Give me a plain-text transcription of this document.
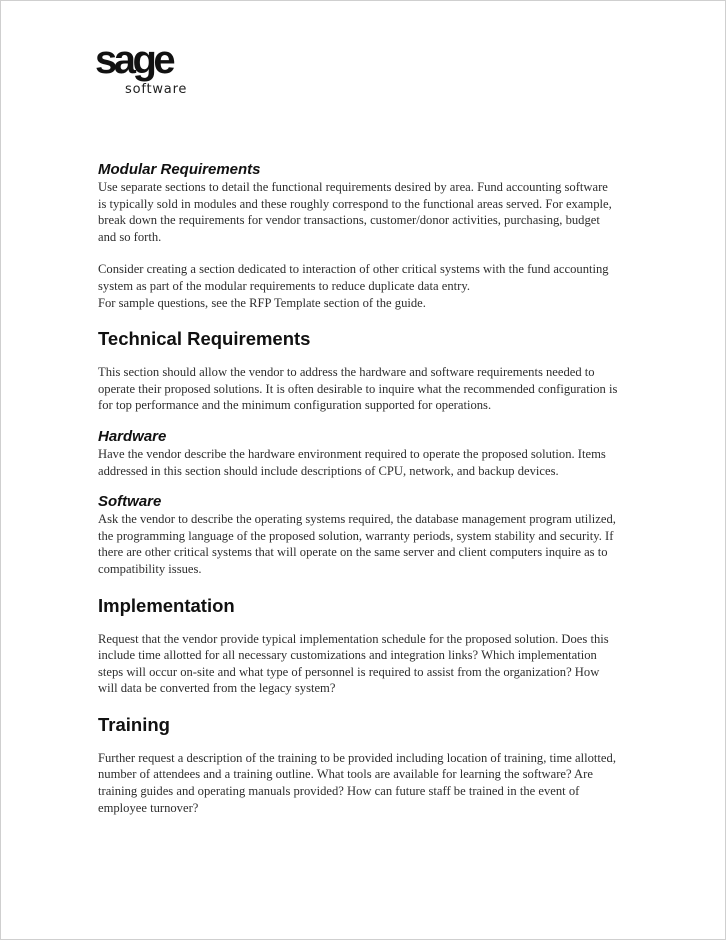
sage
software
Modular Requirements
Use separate sections to detail the functional requirements desired by area. Fund accounting software
is typically sold in modules and these roughly correspond to the functional areas served. For example,
break down the requirements for vendor transactions, customer/donor activities, purchasing, budget
and so forth.
Consider creating a section dedicated to interaction of other critical systems with the fund accounting
system as part of the modular requirements to reduce duplicate data entry.
For sample questions, see the RFP Template section of the guide.
Technical Requirements
This section should allow the vendor to address the hardware and software requirements needed to
operate their proposed solutions. It is often desirable to inquire what the recommended configuration is
for top performance and the minimum configuration supported for operations.
Hardware
Have the vendor describe the hardware environment required to operate the proposed solution. Items
addressed in this section should include descriptions of CPU, network, and backup devices.
Software
Ask the vendor to describe the operating systems required, the database management program utilized,
the programming language of the proposed solution, warranty periods, system stability and security. If
there are other critical systems that will operate on the same server and client computers inquire as to
compatibility issues.
Implementation
Request that the vendor provide typical implementation schedule for the proposed solution. Does this
include time allotted for all necessary customizations and integration links? Which implementation
steps will occur on-site and what type of personnel is required to assist from the organization? How
will data be converted from the legacy system?
Training
Further request a description of the training to be provided including location of training, time allotted,
number of attendees and a training outline. What tools are available for learning the software? Are
training guides and operating manuals provided? How can future staff be trained in the event of
employee turnover?
